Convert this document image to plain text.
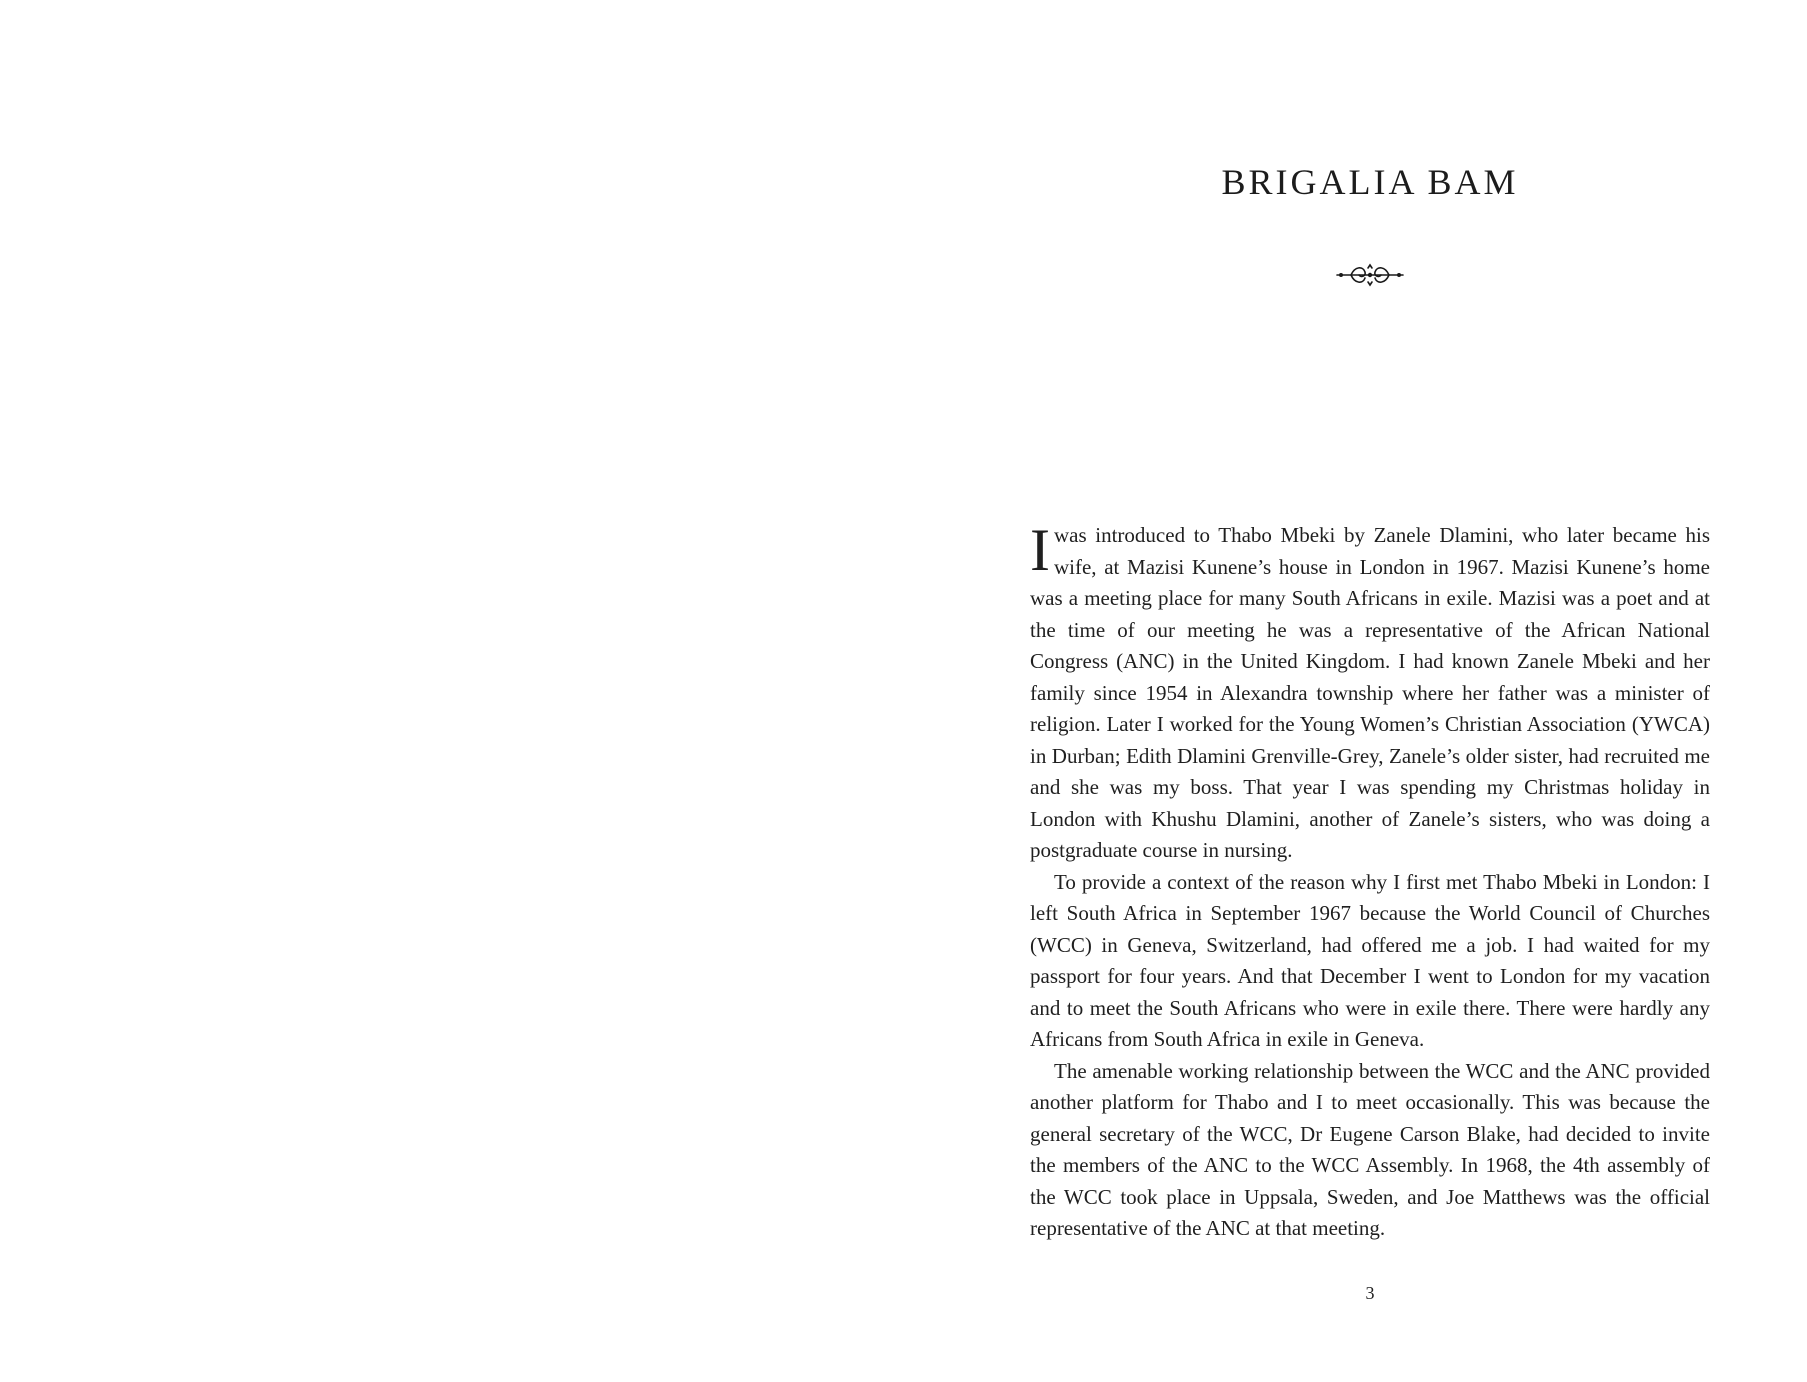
BRIGALIA BAM

I was introduced to Thabo Mbeki by Zanele Dlamini, who later became his wife, at Mazisi Kunene’s house in London in 1967. Mazisi Kunene’s home was a meeting place for many South Africans in exile. Mazisi was a poet and at the time of our meeting he was a representative of the African National Congress (ANC) in the United Kingdom. I had known Zanele Mbeki and her family since 1954 in Alexandra township where her father was a minister of religion. Later I worked for the Young Women’s Christian Association (YWCA) in Durban; Edith Dlamini Grenville-Grey, Zanele’s older sister, had recruited me and she was my boss. That year I was spending my Christmas holiday in London with Khushu Dlamini, another of Zanele’s sisters, who was doing a postgraduate course in nursing.

To provide a context of the reason why I first met Thabo Mbeki in London: I left South Africa in September 1967 because the World Council of Churches (WCC) in Geneva, Switzerland, had offered me a job. I had waited for my passport for four years. And that December I went to London for my vacation and to meet the South Africans who were in exile there. There were hardly any Africans from South Africa in exile in Geneva.

The amenable working relationship between the WCC and the ANC provided another platform for Thabo and I to meet occasionally. This was because the general secretary of the WCC, Dr Eugene Carson Blake, had decided to invite the members of the ANC to the WCC Assembly. In 1968, the 4th assembly of the WCC took place in Uppsala, Sweden, and Joe Matthews was the official representative of the ANC at that meeting.

3
